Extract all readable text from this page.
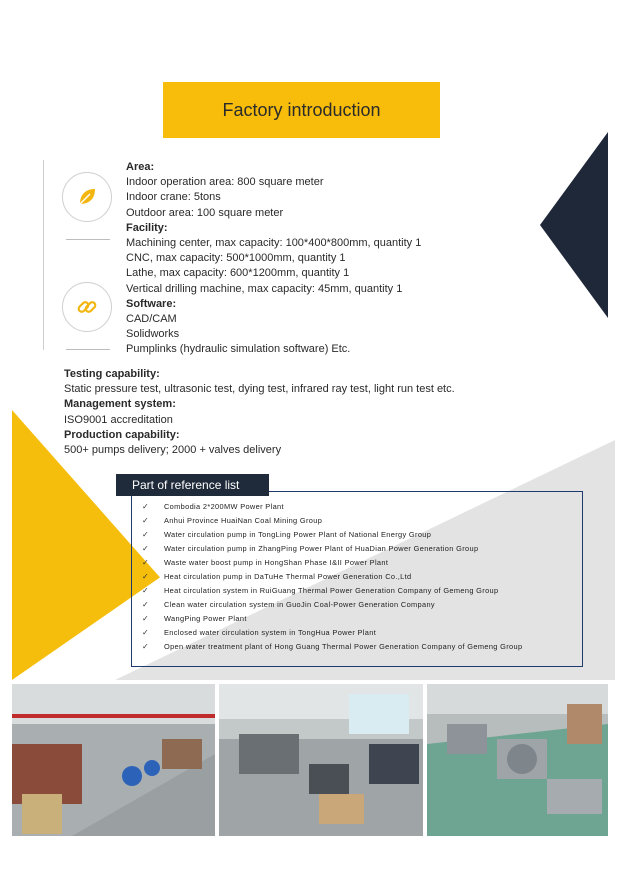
Factory introduction
Area:
Indoor operation area: 800 square meter
Indoor crane: 5tons
Outdoor area: 100 square meter
Facility:
Machining center, max capacity: 100*400*800mm, quantity 1
CNC, max capacity: 500*1000mm, quantity 1
Lathe, max capacity: 600*1200mm, quantity 1
Vertical drilling machine, max capacity: 45mm, quantity 1
Software:
CAD/CAM
Solidworks
Pumplinks (hydraulic simulation software) Etc.
Testing capability:
Static pressure test, ultrasonic test, dying test, infrared ray test, light run test etc.
Management system:
ISO9001 accreditation
Production capability:
500+ pumps delivery; 2000 + valves delivery
Part of reference list
✓	Combodia 2*200MW Power Plant
✓	Anhui Province HuaiNan Coal Mining Group
✓	Water circulation pump in TongLing Power Plant of National Energy Group
✓	Water circulation pump in ZhangPing Power Plant of HuaDian Power Generation Group
✓	Waste water boost pump in HongShan Phase I&II Power Plant
✓	Heat circulation pump in DaTuHe Thermal Power Generation Co.,Ltd
✓	Heat circulation system in RuiGuang Thermal Power Generation Company of Gemeng Group
✓	Clean water circulation system in GuoJin Coal-Power Generation Company
✓	WangPing Power Plant
✓	Enclosed water circulation system in TongHua Power Plant
✓	Open water treatment plant of Hong Guang Thermal Power Generation Company of Gemeng Group
